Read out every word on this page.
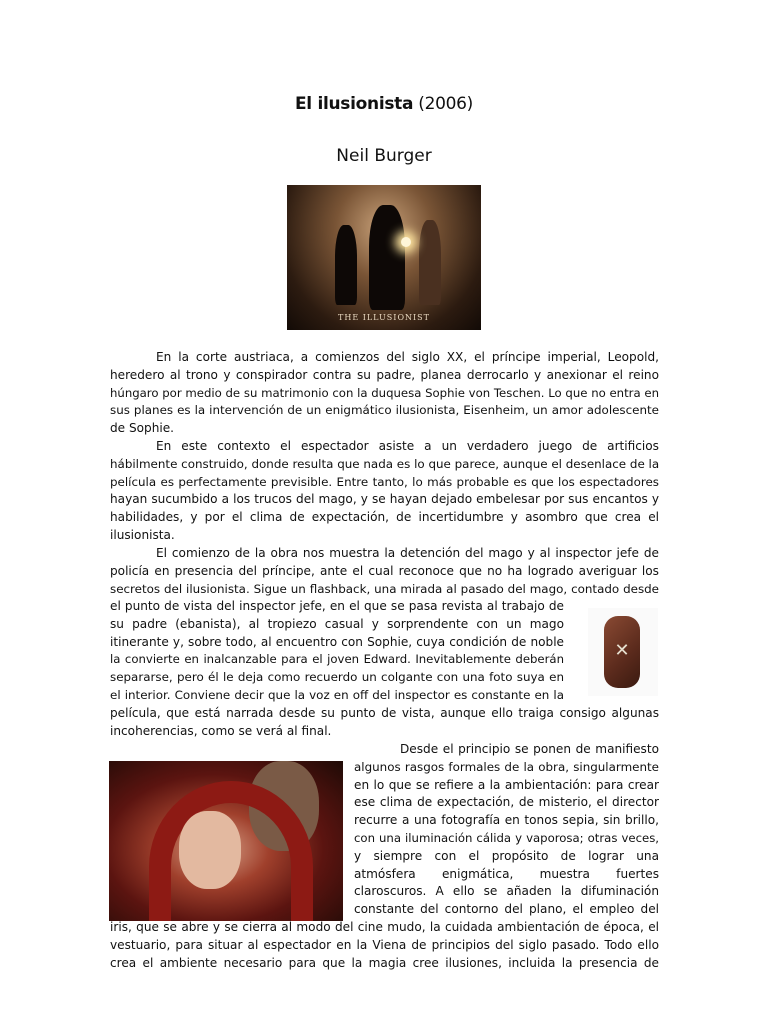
El ilusionista (2006)
Neil Burger
THE ILLUSIONIST
En la corte austriaca, a comienzos del siglo XX, el príncipe imperial, Leopold,
heredero al trono y conspirador contra su padre, planea derrocarlo y anexionar el reino
húngaro por medio de su matrimonio con la duquesa Sophie von Teschen. Lo que no entra en
sus planes es la intervención de un enigmático ilusionista, Eisenheim, un amor adolescente
de Sophie.
En este contexto el espectador asiste a un verdadero juego de artificios
hábilmente construido, donde resulta que nada es lo que parece, aunque el desenlace de la
película es perfectamente previsible. Entre tanto, lo más probable es que los espectadores
hayan sucumbido a los trucos del mago, y se hayan dejado embelesar por sus encantos y
habilidades, y por el clima de expectación, de incertidumbre y asombro que crea el
ilusionista.
El comienzo de la obra nos muestra la detención del mago y al inspector jefe de
policía en presencia del príncipe, ante el cual reconoce que no ha logrado averiguar los
secretos del ilusionista. Sigue un flashback, una mirada al pasado del mago, contado desde
el punto de vista del inspector jefe, en el que se pasa revista al trabajo de
su padre (ebanista), al tropiezo casual y sorprendente con un mago
itinerante y, sobre todo, al encuentro con Sophie, cuya condición de noble
la convierte en inalcanzable para el joven Edward. Inevitablemente deberán
separarse, pero él le deja como recuerdo un colgante con una foto suya en
el interior. Conviene decir que la voz en off del inspector es constante en la
✕
película, que está narrada desde su punto de vista, aunque ello traiga consigo algunas
incoherencias, como se verá al final.
Desde el principio se ponen de manifiesto
algunos rasgos formales de la obra, singularmente
en lo que se refiere a la ambientación: para crear
ese clima de expectación, de misterio, el director
recurre a una fotografía en tonos sepia, sin brillo,
con una iluminación cálida y vaporosa; otras veces,
y siempre con el propósito de lograr una
atmósfera enigmática, muestra fuertes
claroscuros. A ello se añaden la difuminación
constante del contorno del plano, el empleo del
iris, que se abre y se cierra al modo del cine mudo, la cuidada ambientación de época, el
vestuario, para situar al espectador en la Viena de principios del siglo pasado. Todo ello
crea el ambiente necesario para que la magia cree ilusiones, incluida la presencia de
